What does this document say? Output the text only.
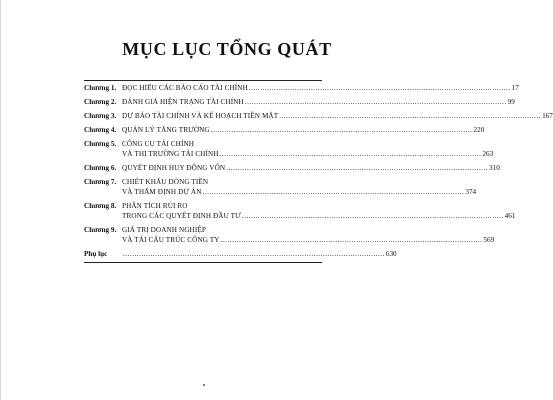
MỤC LỤC TỔNG QUÁT
Chương 1. ĐỌC HIỂU CÁC BÁO CÁO TÀI CHÍNH .....	17
Chương 2. ĐÁNH GIÁ HIỆN TRẠNG TÀI CHÍNH .....	99
Chương 3. DỰ BÁO TÀI CHÍNH VÀ KẾ HOẠCH TIỀN MẶT .....	167
Chương 4. QUẢN LÝ TĂNG TRƯỞNG .....	220
Chương 5. CÔNG CỤ TÀI CHÍNH
VÀ THỊ TRƯỜNG TÀI CHÍNH .....	263
Chương 6. QUYẾT ĐỊNH HUY ĐỘNG VỐN .....	310
Chương 7. CHIẾT KHẤU DÒNG TIỀN
VÀ THẨM ĐỊNH DỰ ÁN .....	374
Chương 8. PHÂN TÍCH RỦI RO
TRONG CÁC QUYẾT ĐỊNH ĐẦU TƯ .....	461
Chương 9. GIÁ TRỊ DOANH NGHIỆP
VÀ TÁI CẤU TRÚC CÔNG TY .....	569
Phụ lục .....	630
